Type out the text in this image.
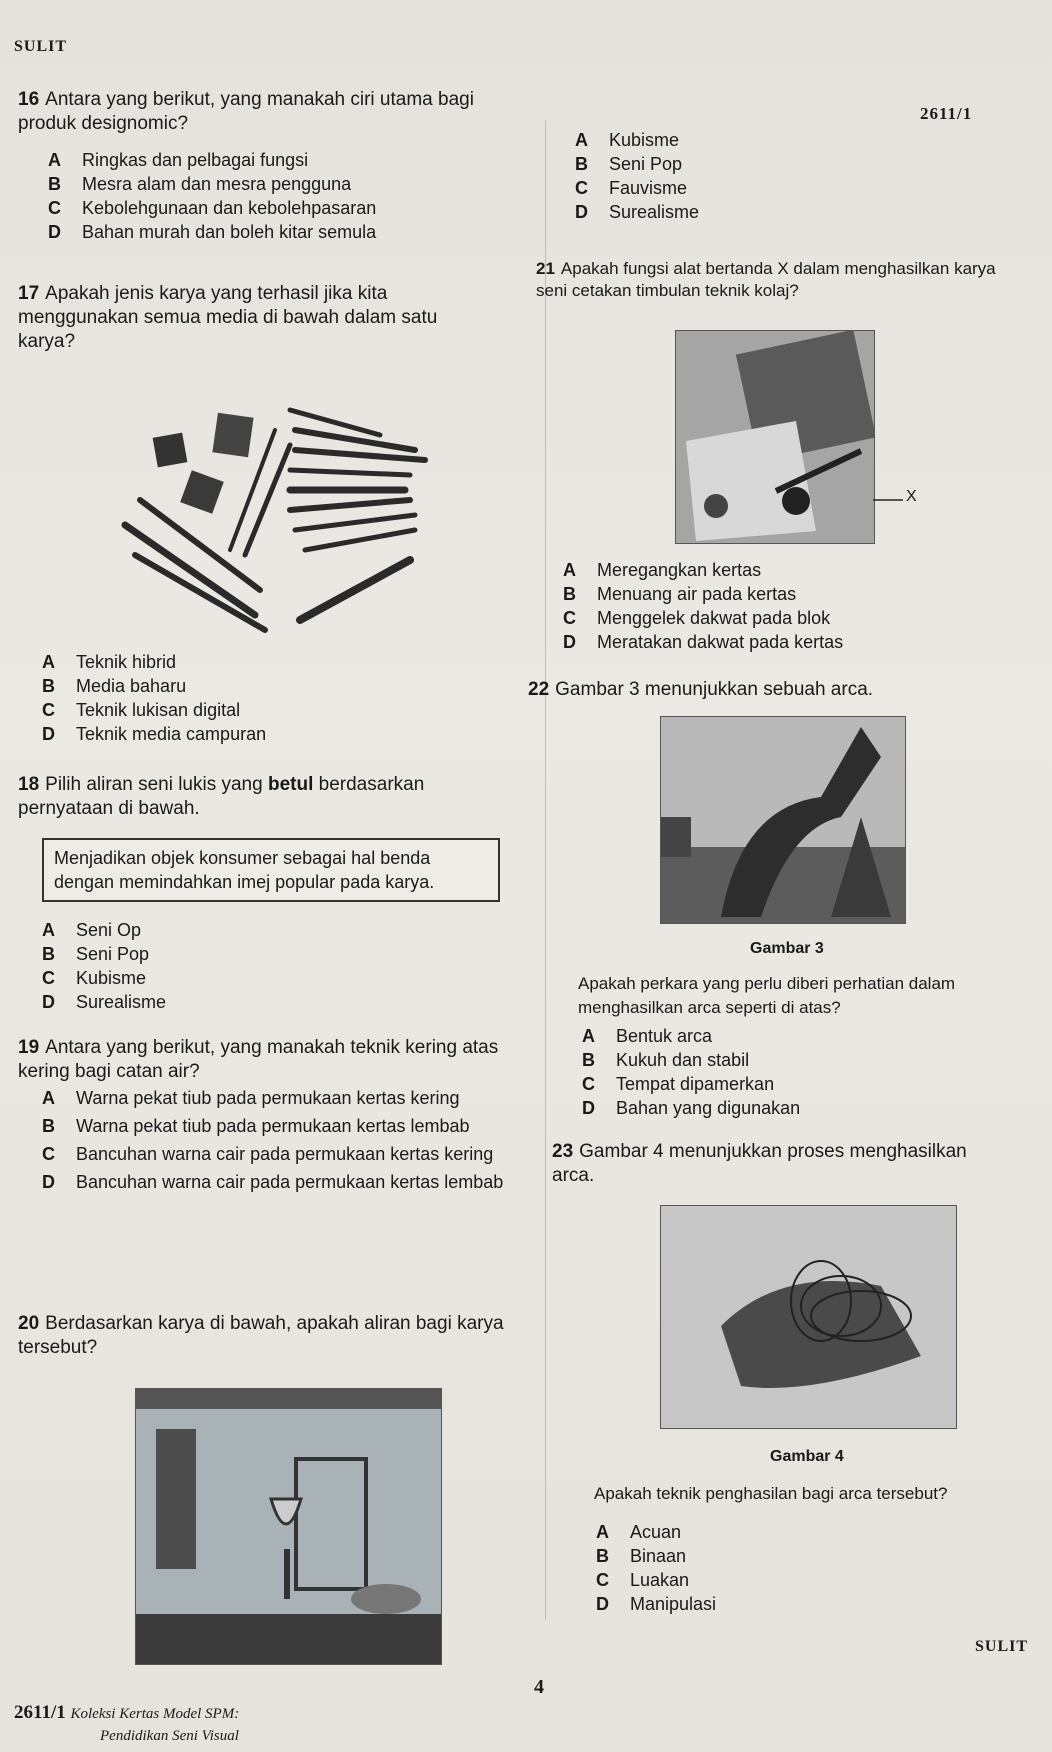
SULIT
2611/1
16 Antara yang berikut, yang manakah ciri utama bagi produk designomic?
A Ringkas dan pelbagai fungsi
B Mesra alam dan mesra pengguna
C Kebolehgunaan dan kebolehpasaran
D Bahan murah dan boleh kitar semula
17 Apakah jenis karya yang terhasil jika kita menggunakan semua media di bawah dalam satu karya?
A Teknik hibrid
B Media baharu
C Teknik lukisan digital
D Teknik media campuran
18 Pilih aliran seni lukis yang betul berdasarkan pernyataan di bawah.
Menjadikan objek konsumer sebagai hal benda dengan memindahkan imej popular pada karya.
A Seni Op
B Seni Pop
C Kubisme
D Surealisme
19 Antara yang berikut, yang manakah teknik kering atas kering bagi catan air?
A	Warna pekat tiub pada permukaan kertas kering
B	Warna pekat tiub pada permukaan kertas lembab
C	Bancuhan warna cair pada permukaan kertas kering
D	Bancuhan warna cair pada permukaan kertas lembab
20 Berdasarkan karya di bawah, apakah aliran bagi karya tersebut?
A Kubisme
B Seni Pop
C Fauvisme
D Surealisme
21 Apakah fungsi alat bertanda X dalam menghasilkan karya seni cetakan timbulan teknik kolaj?
X
A Meregangkan kertas
B Menuang air pada kertas
C Menggelek dakwat pada blok
D Meratakan dakwat pada kertas
22 Gambar 3 menunjukkan sebuah arca.
Gambar 3
Apakah perkara yang perlu diberi perhatian dalam menghasilkan arca seperti di atas?
A Bentuk arca
B Kukuh dan stabil
C Tempat dipamerkan
D Bahan yang digunakan
23 Gambar 4 menunjukkan proses menghasilkan arca.
Gambar 4
Apakah teknik penghasilan bagi arca tersebut?
A Acuan
B Binaan
C Luakan
D Manipulasi
SULIT
4
2611/1 Koleksi Kertas Model SPM:
Pendidikan Seni Visual
